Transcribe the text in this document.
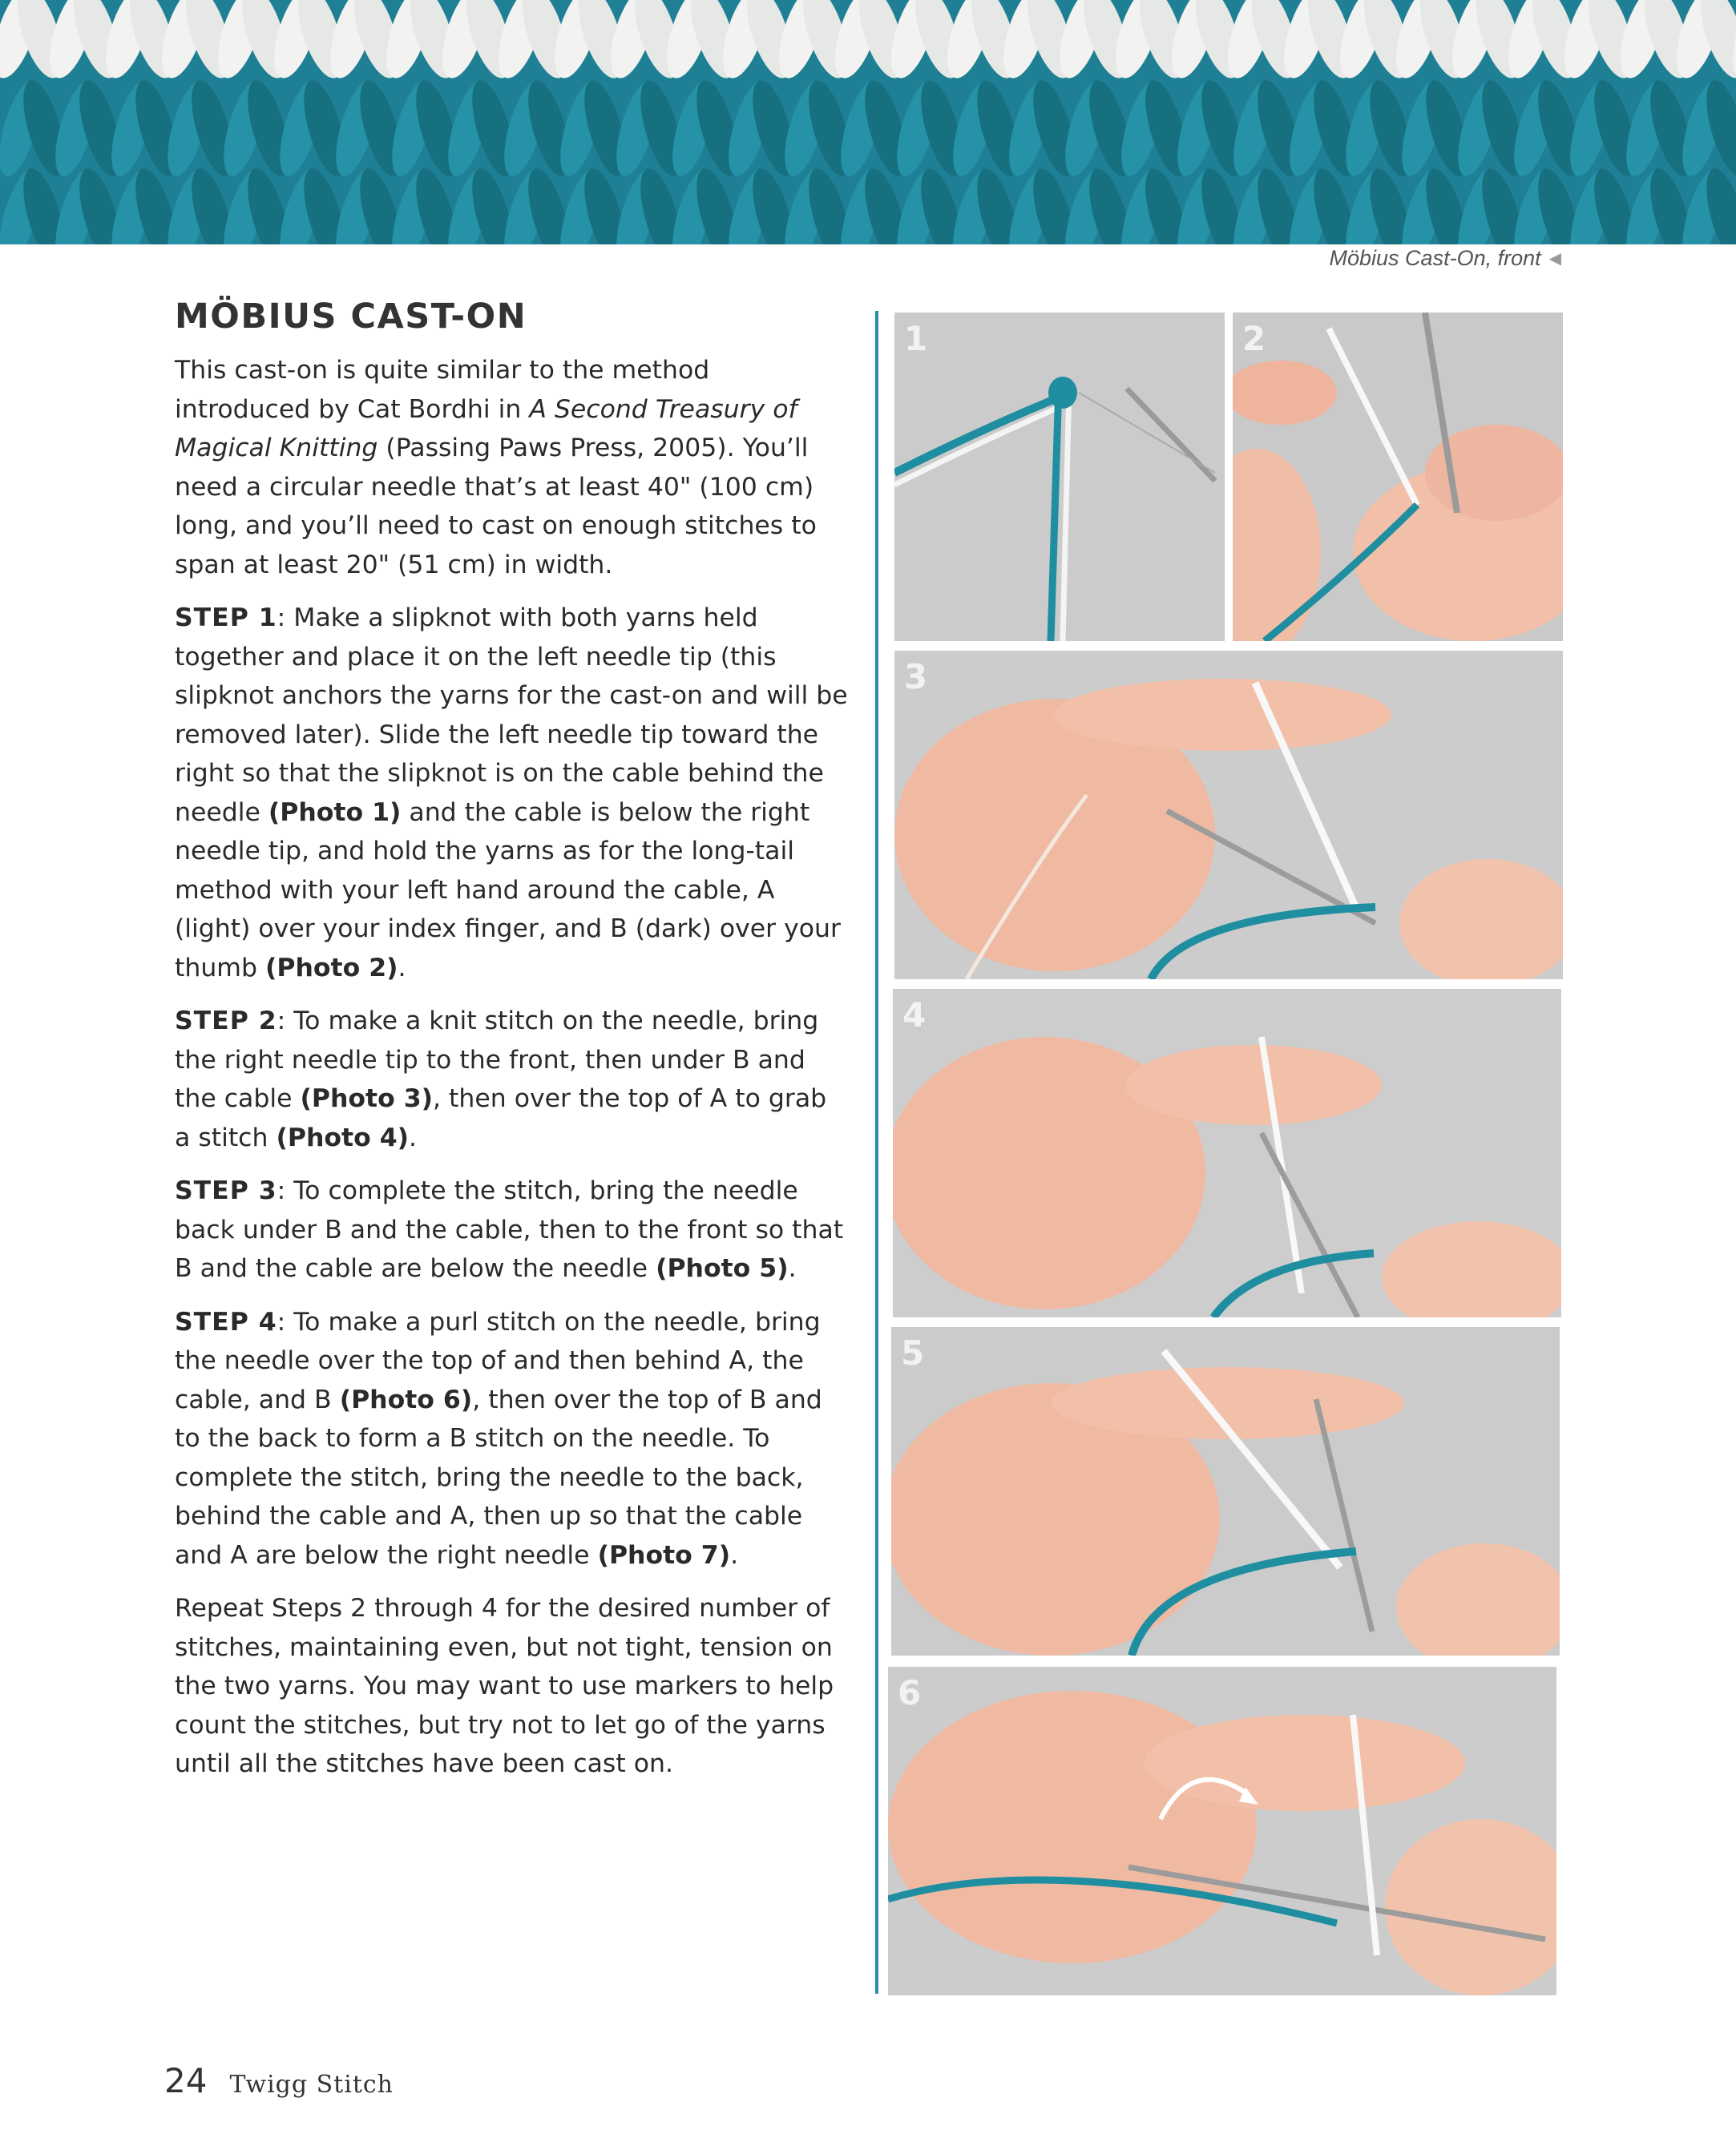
Möbius Cast-On, front ◀
MÖBIUS CAST-ON

This cast-on is quite similar to the method introduced by Cat Bordhi in A Second Treasury of Magical Knitting (Passing Paws Press, 2005). You’ll need a circular needle that’s at least 40" (100 cm) long, and you’ll need to cast on enough stitches to span at least 20" (51 cm) in width.

STEP 1: Make a slipknot with both yarns held together and place it on the left needle tip (this slipknot anchors the yarns for the cast-on and will be removed later). Slide the left needle tip toward the right so that the slipknot is on the cable behind the needle (Photo 1) and the cable is below the right needle tip, and hold the yarns as for the long-tail method with your left hand around the cable, A (light) over your index finger, and B (dark) over your thumb (Photo 2).

STEP 2: To make a knit stitch on the needle, bring the right needle tip to the front, then under B and the cable (Photo 3), then over the top of A to grab a stitch (Photo 4).

STEP 3: To complete the stitch, bring the needle back under B and the cable, then to the front so that B and the cable are below the needle (Photo 5).

STEP 4: To make a purl stitch on the needle, bring the needle over the top of and then behind A, the cable, and B (Photo 6), then over the top of B and to the back to form a B stitch on the needle. To complete the stitch, bring the needle to the back, behind the cable and A, then up so that the cable and A are below the right needle (Photo 7).

Repeat Steps 2 through 4 for the desired number of stitches, maintaining even, but not tight, tension on the two yarns. You may want to use markers to help count the stitches, but try not to let go of the yarns until all the stitches have been cast on.

1	2
3
4
5
6
24 Twigg Stitch
